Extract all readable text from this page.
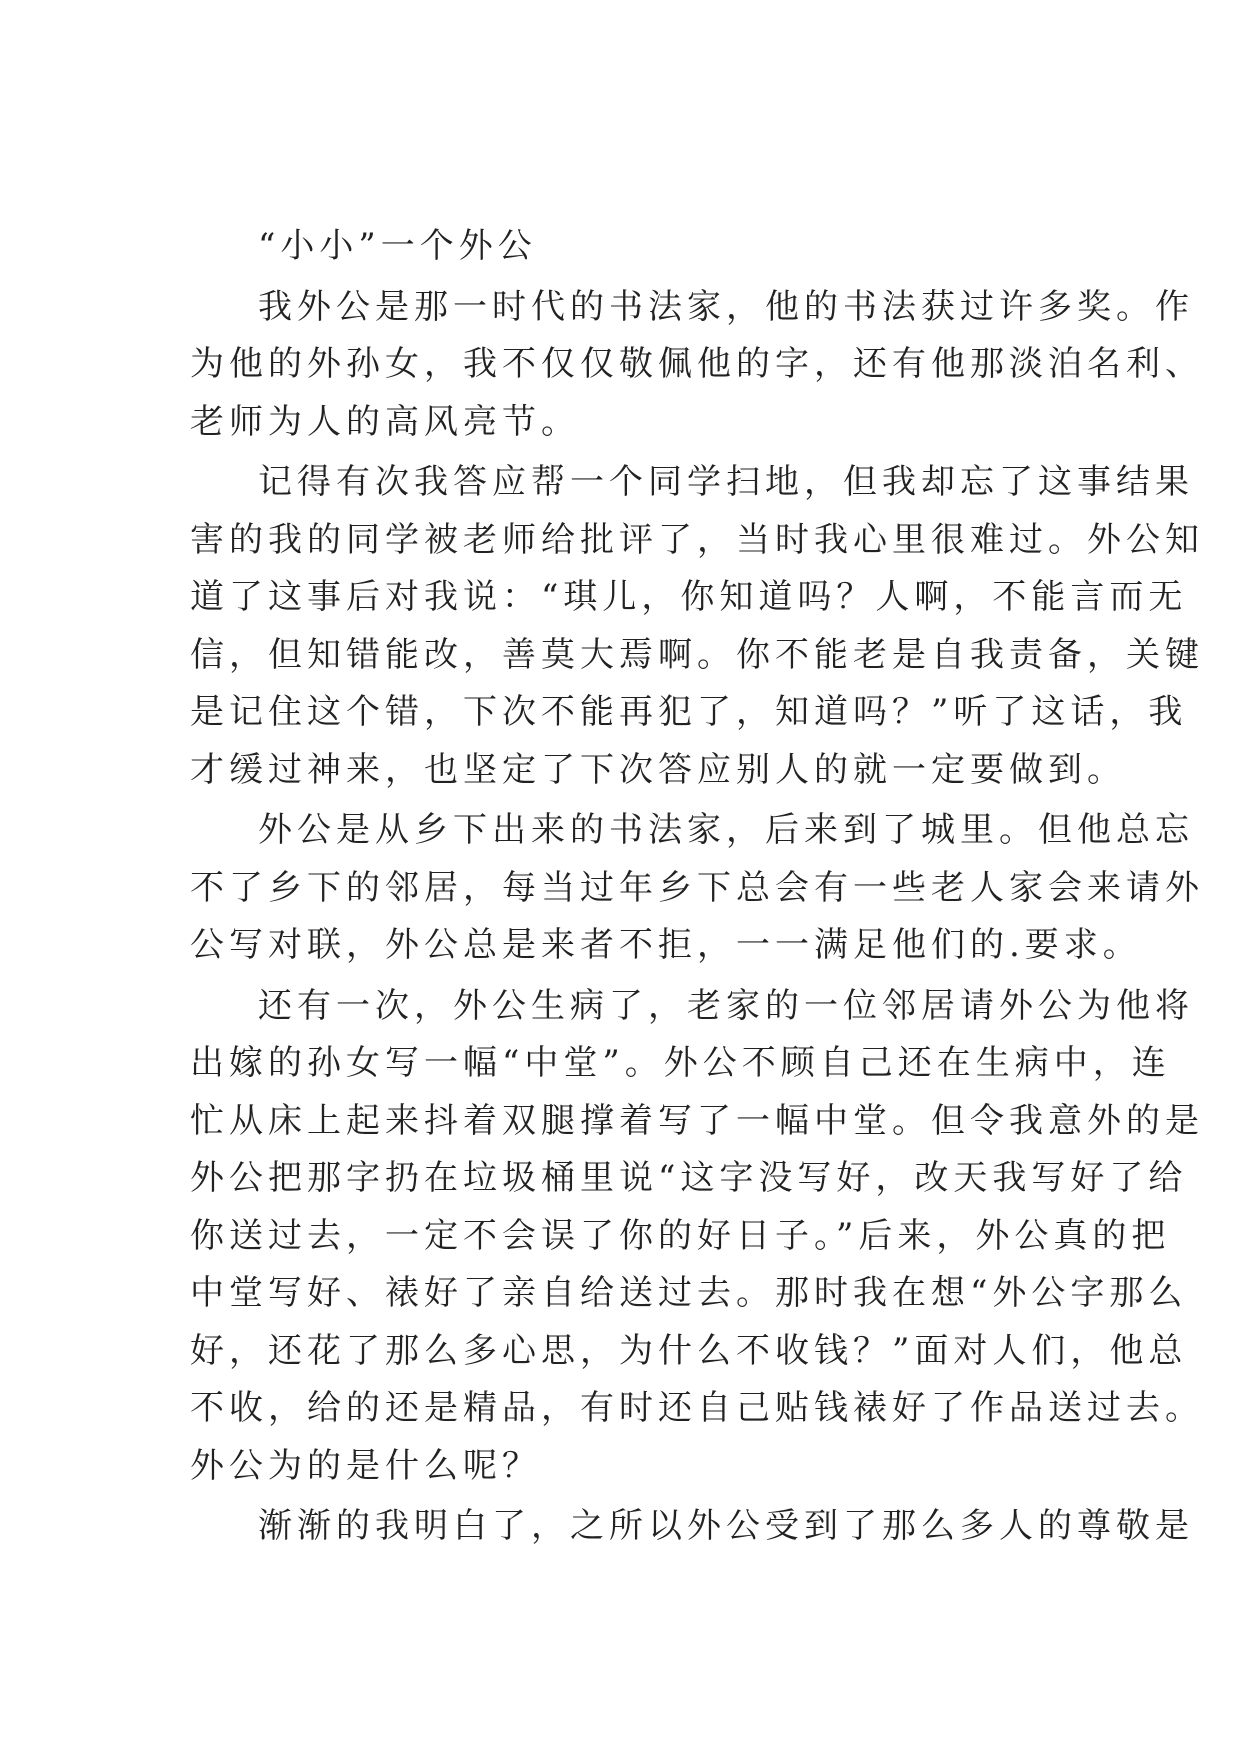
“小小”一个外公
我外公是那一时代的书法家，他的书法获过许多奖。作
为他的外孙女，我不仅仅敬佩他的字，还有他那淡泊名利、
老师为人的高风亮节。
记得有次我答应帮一个同学扫地，但我却忘了这事结果
害的我的同学被老师给批评了，当时我心里很难过。外公知
道了这事后对我说：“琪儿，你知道吗？人啊，不能言而无
信，但知错能改，善莫大焉啊。你不能老是自我责备，关键
是记住这个错，下次不能再犯了，知道吗？”听了这话，我
才缓过神来，也坚定了下次答应别人的就一定要做到。
外公是从乡下出来的书法家，后来到了城里。但他总忘
不了乡下的邻居，每当过年乡下总会有一些老人家会来请外
公写对联，外公总是来者不拒，一一满足他们的.要求。
还有一次，外公生病了，老家的一位邻居请外公为他将
出嫁的孙女写一幅“中堂”。外公不顾自己还在生病中，连
忙从床上起来抖着双腿撑着写了一幅中堂。但令我意外的是
外公把那字扔在垃圾桶里说“这字没写好，改天我写好了给
你送过去，一定不会误了你的好日子。”后来，外公真的把
中堂写好、裱好了亲自给送过去。那时我在想“外公字那么
好，还花了那么多心思，为什么不收钱？”面对人们，他总
不收，给的还是精品，有时还自己贴钱裱好了作品送过去。
外公为的是什么呢？
渐渐的我明白了，之所以外公受到了那么多人的尊敬是
